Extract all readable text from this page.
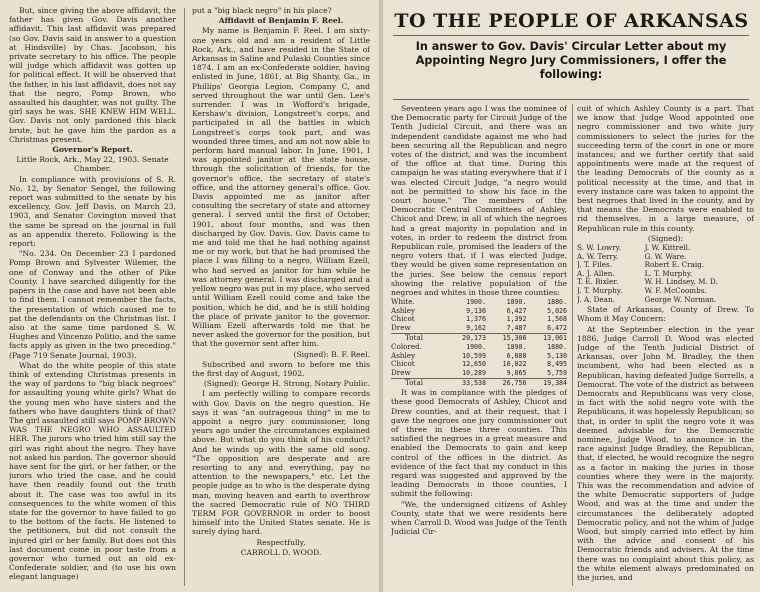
But, since giving the above affidavit, the father has given Gov. Davis another affidavit. This last affidavit was prepared (so Gov. Davis said in answer to a question at Hindsville) by Chas. Jacobson, his private secretary to his office. The people will judge which affidavit was gotten up for political effect. It will be observed that the father, in his last affidavit, does not say that the negro, Pomp Brown, who assaulted his daughter, was not guilty. The girl says he was. SHE KNEW HIM WELL. Gov. Davis not only pardoned this black brute, but he gave him the pardon as a Christmas present.

Governor's Report.

Little Rock, Ark., May 22, 1903. Senate Chamber.

In compliance with provisions of S. R. No. 12, by Senator Sengel, the following report was submitted to the senate by his excellency, Gov. Jeff Davis, on March 23, 1903, and Senator Covington moved that the same be spread on the journal in full as an appendix thereto. Following is the report:

"No. 234. On December 23 I pardoned Pomp Brown and Sylvester Wilemer, the one of Conway and the other of Pike County. I have searched diligently for the papers in the case and have not been able to find them. I cannot remember the facts, the presentation of which caused me to pat the defendants on the Christmas list. I also at the same time pardoned S. W. Hughes and Vincenzo Politio, and the same facts apply as given in the two preceding." (Page 719 Senate Journal, 1903).

What do the white people of this state think of extending Christmas presents in the way of pardons to "big black negroes" for assaulting young white girls? What do the young men who have sisters and the fathers who have daughters think of that? The girl assaulted still says POMP BROWN WAS THE NEGRO WHO ASSAULTED HER. The jurors who tried him still say the girl was right about the negro. They have not asked his pardon. The governor should have sent for the girl, or her father, or the jurors who tried the case, and he could have then readily found out the truth about it. The case was too awful in its consequences to the white women of this state for the governor to have failed to go to the bottom of the facts. He listened to the petitioners, but did not consult the injured girl or her family. But does not this last document come in poor taste from a governor who turned out an old ex-Confederate soldier, and (to use his own elegant language)

put a "big black negro" in his place?

Affidavit of Benjamin F. Reel.

My name is Benjamin F. Reel. I am sixty-one years old and am a resident of Little Rock, Ark., and have resided in the State of Arkansas in Saline and Pulaski Counties since 1874. I am an ex-Confederate soldier, having enlisted in June, 1861, at Big Shanty, Ga., in Phillips' Georgia Legion, Company C, and served throughout the war until Gen. Lee's surrender. I was in Wofford's brigade, Kershaw's division, Longstreet's corps, and participated in all the battles in which Longstreet's corps took part, and was wounded three times, and am not now able to perform hard manual labor. In June, 1901, I was appointed janitor at the state house, through the solicitation of friends, for the governor's office, the secretary of state's office, and the attorney general's office. Gov. Davis appointed me as janitor after consulting the secretary of state and attorney general. I served until the first of October, 1901, about four months, and was then discharged by Gov. Davis. Gov. Davis came to me and told me that he had nothing against me or my work, but that he had promised the place I was filling to a negro, William Ezell, who had served as janitor for him while he was attorney general. I was discharged and a yellow negro was put in my place, who served until William Ezell could come and take the position, which he did, and he is still holding the place of private janitor to the governor. William Ezell afterwards told me that he never asked the governor for the position, but that the governor sent after him.

(Signed): B. F. Reel.

Subscribed and sworn to before me this the first day of August, 1902.

(Signed): George H. Strong, Notary Public.

I am perfectly willing to compare records with Gov. Davis on the negro question. He says it was "an outrageous thing" in me to appoint a negro jury commissioner, long years ago under the circumstances explained above. But what do you think of his conduct? And he winds up with the same old song. "The opposition are desperate and are resorting to any and everything, pay no attention to the newspapers," etc. Let the people judge as to who is the desperate dying man, moving heaven and earth to overthrow the sacred Democratic rule of NO THIRD TERM FOR GOVERNOR in order to boost himself into the United States senate. He is surely dying hard.

Respectfully,

CARROLL D. WOOD.

TO THE PEOPLE OF ARKANSAS
In answer to Gov. Davis' Circular Letter about my Appointing Negro Jury Commissioners, I offer the following:

Seventeen years ago I was the nominee of the Democratic party for Circuit Judge of the Tenth Judicial Circuit, and there was an independent candidate against me who had been securing all the Republican and negro votes of the district, and was the incumbent of the office at that time. During this campaign he was stating everywhere that if I was elected Circuit Judge, "a negro would not be permitted to show his face in the court house." The members of the Democratic Central Committees of Ashley, Chicot and Drew, in all of which the negroes had a great majority in population and in votes, in order to redeem the district from Republican rule, promised the leaders of the negro voters that, if I was elected Judge, they would be given some representation on the juries. See below the census report showing the relative population of the negroes and whites in those three counties:

White.	1900.	1890.	1880.
Ashley	9,136	6,427	5,026
Chicot	1,376	1,392	1,568
Drew	9,162	7,487	6,472
Total	20,173	15,306	13,061
Colored.	1900.	1890.	1880.
Ashley	10,599	6,888	5,130
Chicot	12,650	10,022	8,495
Drew	10,289	9,865	5,759
Total	33,538	26,756	19,384

It was in compliance with the pledges of these good Democrats of Ashley, Chicot and Drew counties, and at their request, that I gave the negroes one jury commissioner out of three in these three counties. This satisfied the negroes in a great measure and enabled the Democrats to gain and keep control of the offices in the district. As evidence of the fact that my conduct in this regard was suggested and approved by the leading Democrats in those counties, I submit the following:

"We, the undersigned citizens of Ashley County, state that we were residents here when Carroll D. Wood was Judge of the Tenth Judicial Cir-

cuit of which Ashley County is a part. That we know that Judge Wood appointed one negro commissioner and two white jury commissioners to select the juries for the succeeding term of the court in one or more instances; and we further certify that said appointments were made at the request of the leading Democrats of the county as a political necessity at the time, and that in every instance care was taken to appoint the best negroes that lived in the county, and by that means the Democrats were enabled to rid themselves, in a large measure, of Republican rule in this county.

(Signed):

S. W. Lowry.	J. W. Kittrell.
A. W. Terry.	G. W. Ware.
J. T. Files.	Robert E. Craig.
A. J. Allen.	L. T. Murphy.
T. E. Bixler.	W. H. Lindsey, M. D.
J. T. Murphy.	W. F. McCoombs.
J. A. Dean.	George W. Norman.

State of Arkansas, County of Drew. To Whom it May Concern:

At the September election in the year 1886, Judge Carroll D. Wood was elected Judge of the Tenth Judicial District of Arkansas, over John M. Bradley, the then incumbent, who had been elected as a Republican, having defeated Judge Sorrells, a Democrat. The vote of the district as between Democrats and Republicans was very close, in fact with the solid negro vote with the Republicans, it was hopelessly Republican; so that, in order to split the negro vote it was deemed advisable for the Democratic nominee, Judge Wood, to announce in the race against Judge Bradley, the Republican, that, if elected, he would recognize the negro as a factor in making the juries in those counties where they were in the majority. This was the recommendation and advice of the white Democratic supporters of Judge Wood, and was at the time and under the circumstances the deliberately adopted Democratic policy, and not the whim of Judge Wood, but simply carried into effect by him with the advice and consent of his Democratic friends and advisers. At the time there was no complaint about this policy, as the white element always predominated on the juries, and
